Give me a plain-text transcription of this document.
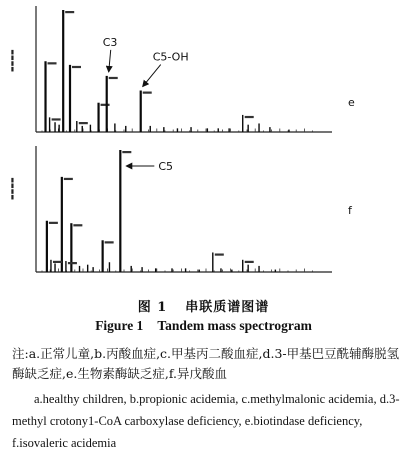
▬▬▬▬
C3
C5-OH
e
▬▬▬▬
C5
f
图 1 串联质谱图谱
Figure 1 Tandem mass spectrogram
注:a.正常儿童,b.丙酸血症,c.甲基丙二酸血症,d.3-甲基巴豆酰辅酶脱氢酶缺乏症,e.生物素酶缺乏症,f.异戊酸血
a.healthy children, b.propionic acidemia, c.methylmalonic acidemia, d.3-methyl crotony1-CoA carboxylase deficiency, e.biotindase deficiency, f.isovaleric acidemia
